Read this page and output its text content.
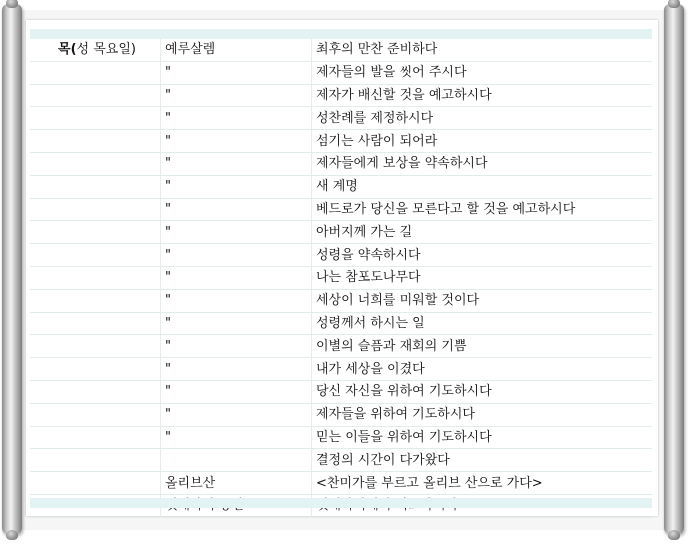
목(성 목요일)	예루살렘	최후의 만찬 준비하다
	"	제자들의 발을 씻어 주시다
	"	제자가 배신할 것을 예고하시다
	"	성찬례를 제정하시다
	"	섬기는 사람이 되어라
	"	제자들에게 보상을 약속하시다
	"	새 계명
	"	베드로가 당신을 모른다고 할 것을 예고하시다
	"	아버지께 가는 길
	"	성령을 약속하시다
	"	나는 참포도나무다
	"	세상이 너희를 미워할 것이다
	"	성령께서 하시는 일
	"	이별의 슬픔과 재회의 기쁨
	"	내가 세상을 이겼다
	"	당신 자신을 위하여 기도하시다
	"	제자들을 위하여 기도하시다
	"	믿는 이들을 위하여 기도하시다
		결정의 시간이 다가왔다
	올리브산	<찬미가를 부르고 올리브 산으로 가다>
